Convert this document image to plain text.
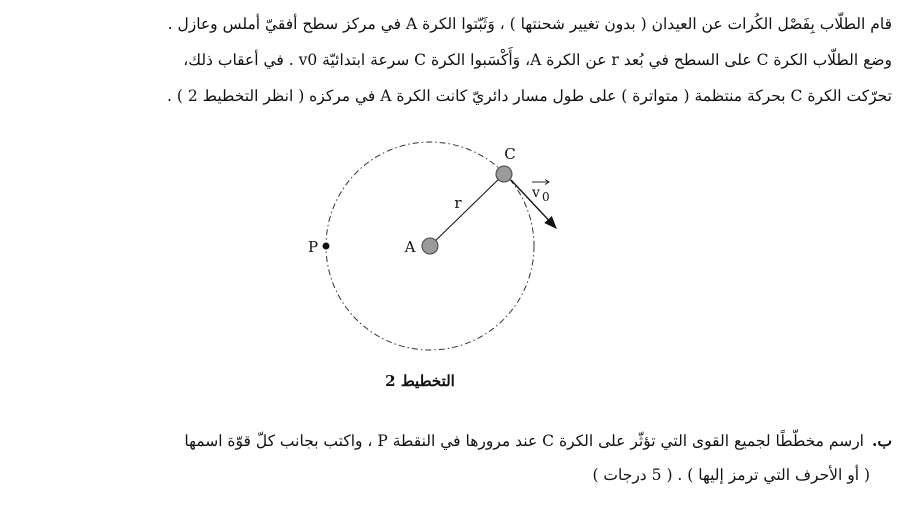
قام الطلّاب بِفَصْل الكُرات عن العيدان ( بدون تغيير شحنتها ) ، وَثَبّتوا الكرة A في مركز سطح أفقيّ أملس وعازل .
وضع الطلّاب الكرة C على السطح في بُعد r عن الكرة A، وَأَكْسَبوا الكرة C سرعة ابتدائيّة v0 . في أعقاب ذلك،
تحرّكت الكرة C بحركة منتظمة ( متواترة ) على طول مسار دائريّ كانت الكرة A في مركزه ( انظر التخطيط 2 ) .
C
A
P
r
v 0
التخطيط 2
ب.ارسم مخطّطًا لجميع القوى التي تؤثّر على الكرة C عند مرورها في النقطة P ، واكتب بجانب كلّ قوّة اسمها
( أو الأحرف التي ترمز إليها ) . ( 5 درجات )
